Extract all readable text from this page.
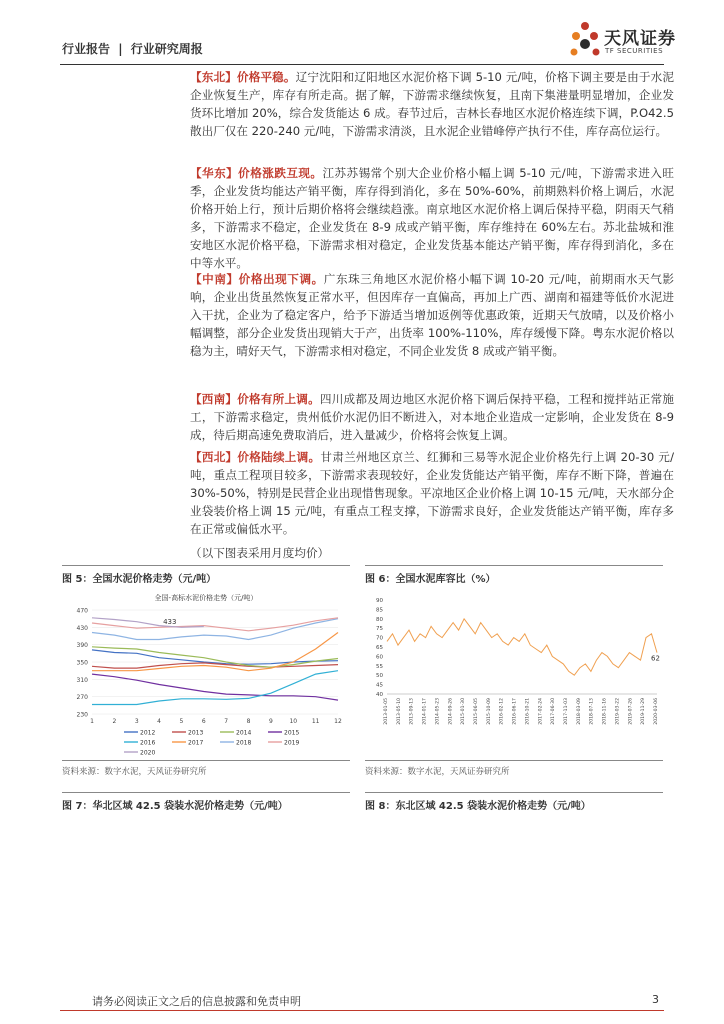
行业报告 | 行业研究周报	天风证券
TF SECURITIES
【东北】价格平稳。辽宁沈阳和辽阳地区水泥价格下调 5-10 元/吨，价格下调主要是由于水泥企业恢复生产，库存有所走高。据了解，下游需求继续恢复，且南下集港量明显增加，企业发货环比增加 20%，综合发货能达 6 成。春节过后，吉林长春地区水泥价格连续下调，P.O42.5 散出厂仅在 220-240 元/吨，下游需求清淡，且水泥企业错峰停产执行不佳，库存高位运行。
【华东】价格涨跌互现。江苏苏锡常个别大企业价格小幅上调 5-10 元/吨，下游需求进入旺季，企业发货均能达产销平衡，库存得到消化，多在 50%-60%，前期熟料价格上调后，水泥价格开始上行，预计后期价格将会继续趋涨。南京地区水泥价格上调后保持平稳，阴雨天气稍多，下游需求不稳定，企业发货在 8-9 成或产销平衡，库存维持在 60%左右。苏北盐城和淮安地区水泥价格平稳，下游需求相对稳定，企业发货基本能达产销平衡，库存得到消化，多在中等水平。
【中南】价格出现下调。广东珠三角地区水泥价格小幅下调 10-20 元/吨，前期雨水天气影响，企业出货虽然恢复正常水平，但因库存一直偏高，再加上广西、湖南和福建等低价水泥进入干扰，企业为了稳定客户，给予下游适当增加返例等优惠政策，近期天气放晴，以及价格小幅调整，部分企业发货出现销大于产，出货率 100%-110%，库存缓慢下降。粤东水泥价格以稳为主，晴好天气，下游需求相对稳定，不同企业发货 8 成或产销平衡。
【西南】价格有所上调。四川成都及周边地区水泥价格下调后保持平稳，工程和搅拌站正常施工，下游需求稳定，贵州低价水泥仍旧不断进入，对本地企业造成一定影响，企业发货在 8-9 成，待后期高速免费取消后，进入量减少，价格将会恢复上调。
【西北】价格陆续上调。甘肃兰州地区京兰、红狮和三易等水泥企业价格先行上调 20-30 元/吨，重点工程项目较多，下游需求表现较好，企业发货能达产销平衡，库存不断下降，普遍在 30%-50%，特别是民营企业出现惜售现象。平凉地区企业价格上调 10-15 元/吨，天水部分企业袋装价格上调 15 元/吨，有重点工程支撑，下游需求良好，企业发货能达产销平衡，库存多在正常或偏低水平。
（以下图表采用月度均价）
图 5：全国水泥价格走势（元/吨）	图 6：全国水泥库容比（%）
全国-高标水泥价格走势（元/吨）
470
430
390
350
310
270
230
1	2	3	4	5	6	7	8	9	10 11 12
433
2012	2013	2014	2015
2016	2017	2018	2019
2020
90
85
80
75
70
65
60
55
50
45
40
2013-01-05 2013-05-10 2013-09-13 2014-01-17 2014-05-23 2014-09-26 2015-01-30 2015-06-05 2015-10-09 2016-02-12 2016-06-17 2016-10-21 2017-02-24 2017-06-30 2017-11-03 2018-03-09 2018-07-13 2018-11-16 2019-03-22 2019-07-26 2019-11-29 2020-03-06
62
资料来源：数字水泥，天风证券研究所	资料来源：数字水泥，天风证券研究所
图 7：华北区域 42.5 袋装水泥价格走势（元/吨）	图 8：东北区域 42.5 袋装水泥价格走势（元/吨）
请务必阅读正文之后的信息披露和免责申明	3
